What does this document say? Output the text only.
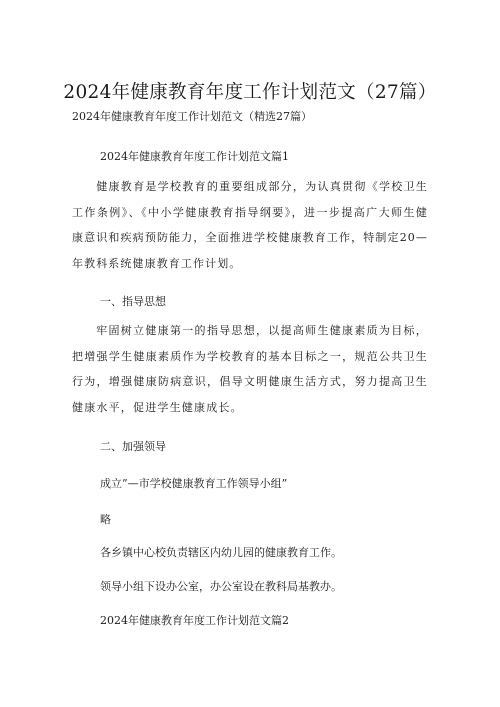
2024年健康教育年度工作计划范文（27篇）
2024年健康教育年度工作计划范文（精选27篇）
2024年健康教育年度工作计划范文篇1
健康教育是学校教育的重要组成部分，为认真贯彻《学校卫生工作条例》、《中小学健康教育指导纲要》，进一步提高广大师生健康意识和疾病预防能力，全面推进学校健康教育工作，特制定20—年教科系统健康教育工作计划。
一、指导思想
牢固树立健康第一的指导思想，以提高师生健康素质为目标，把增强学生健康素质作为学校教育的基本目标之一，规范公共卫生行为，增强健康防病意识，倡导文明健康生活方式，努力提高卫生健康水平，促进学生健康成长。
二、加强领导
成立”—市学校健康教育工作领导小组”
略
各乡镇中心校负责辖区内幼儿园的健康教育工作。
领导小组下设办公室，办公室设在教科局基教办。
2024年健康教育年度工作计划范文篇2
